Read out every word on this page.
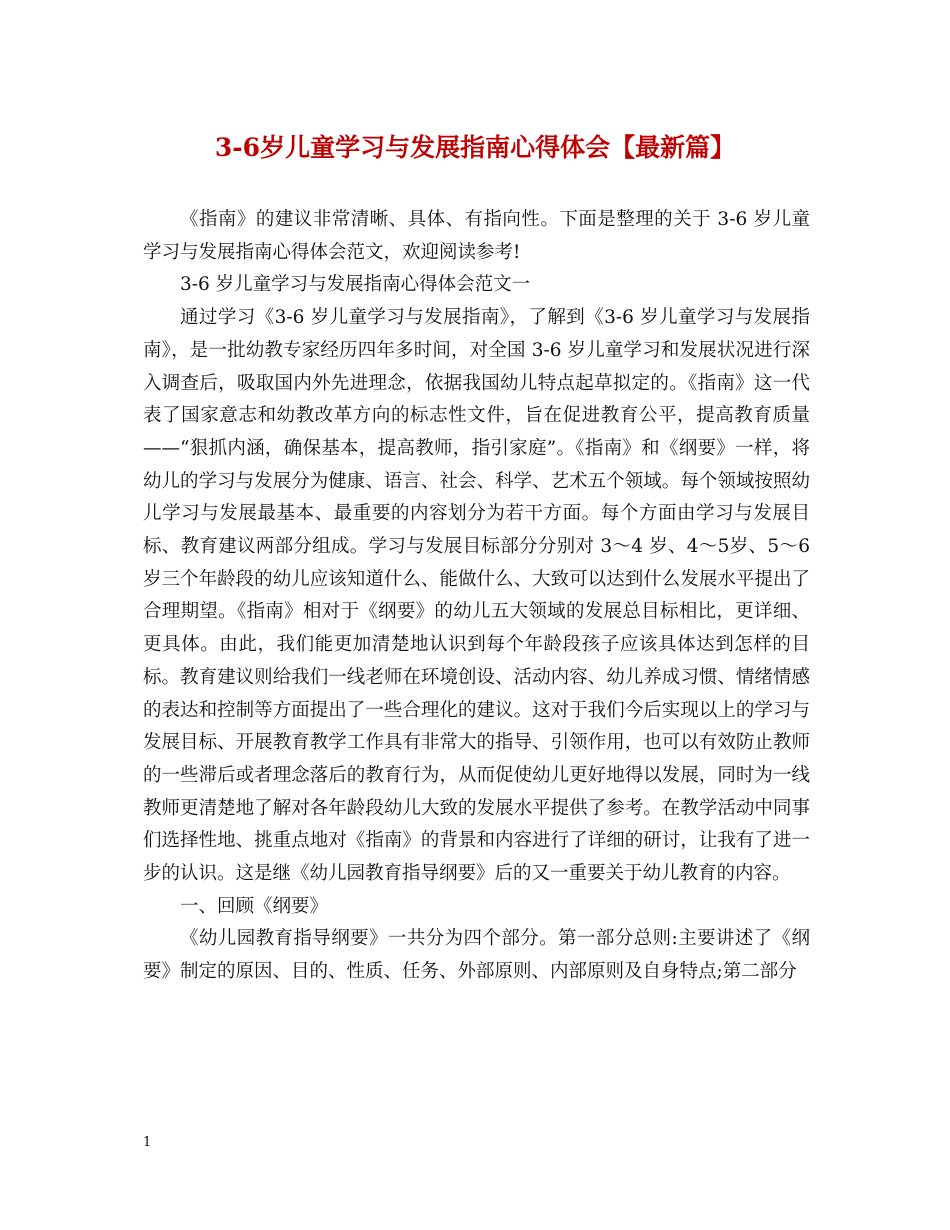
3-6岁儿童学习与发展指南心得体会【最新篇】

《指南》的建议非常清晰、具体、有指向性。下面是整理的关于 3-6 岁儿童学习与发展指南心得体会范文，欢迎阅读参考!

3-6 岁儿童学习与发展指南心得体会范文一

通过学习《3-6 岁儿童学习与发展指南》，了解到《3-6 岁儿童学习与发展指南》，是一批幼教专家经历四年多时间，对全国 3-6 岁儿童学习和发展状况进行深入调查后，吸取国内外先进理念，依据我国幼儿特点起草拟定的。《指南》这一代表了国家意志和幼教改革方向的标志性文件，旨在促进教育公平，提高教育质量——“狠抓内涵，确保基本，提高教师，指引家庭”。《指南》和《纲要》一样，将幼儿的学习与发展分为健康、语言、社会、科学、艺术五个领域。每个领域按照幼儿学习与发展最基本、最重要的内容划分为若干方面。每个方面由学习与发展目标、教育建议两部分组成。学习与发展目标部分分别对 3～4 岁、4～5岁、5～6 岁三个年龄段的幼儿应该知道什么、能做什么、大致可以达到什么发展水平提出了合理期望。《指南》相对于《纲要》的幼儿五大领域的发展总目标相比，更详细、更具体。由此，我们能更加清楚地认识到每个年龄段孩子应该具体达到怎样的目标。教育建议则给我们一线老师在环境创设、活动内容、幼儿养成习惯、情绪情感的表达和控制等方面提出了一些合理化的建议。这对于我们今后实现以上的学习与发展目标、开展教育教学工作具有非常大的指导、引领作用，也可以有效防止教师的一些滞后或者理念落后的教育行为，从而促使幼儿更好地得以发展，同时为一线教师更清楚地了解对各年龄段幼儿大致的发展水平提供了参考。在教学活动中同事们选择性地、挑重点地对《指南》的背景和内容进行了详细的研讨，让我有了进一步的认识。这是继《幼儿园教育指导纲要》后的又一重要关于幼儿教育的内容。

一、回顾《纲要》

《幼儿园教育指导纲要》一共分为四个部分。第一部分总则:主要讲述了《纲要》制定的原因、目的、性质、任务、外部原则、内部原则及自身特点;第二部分

1
